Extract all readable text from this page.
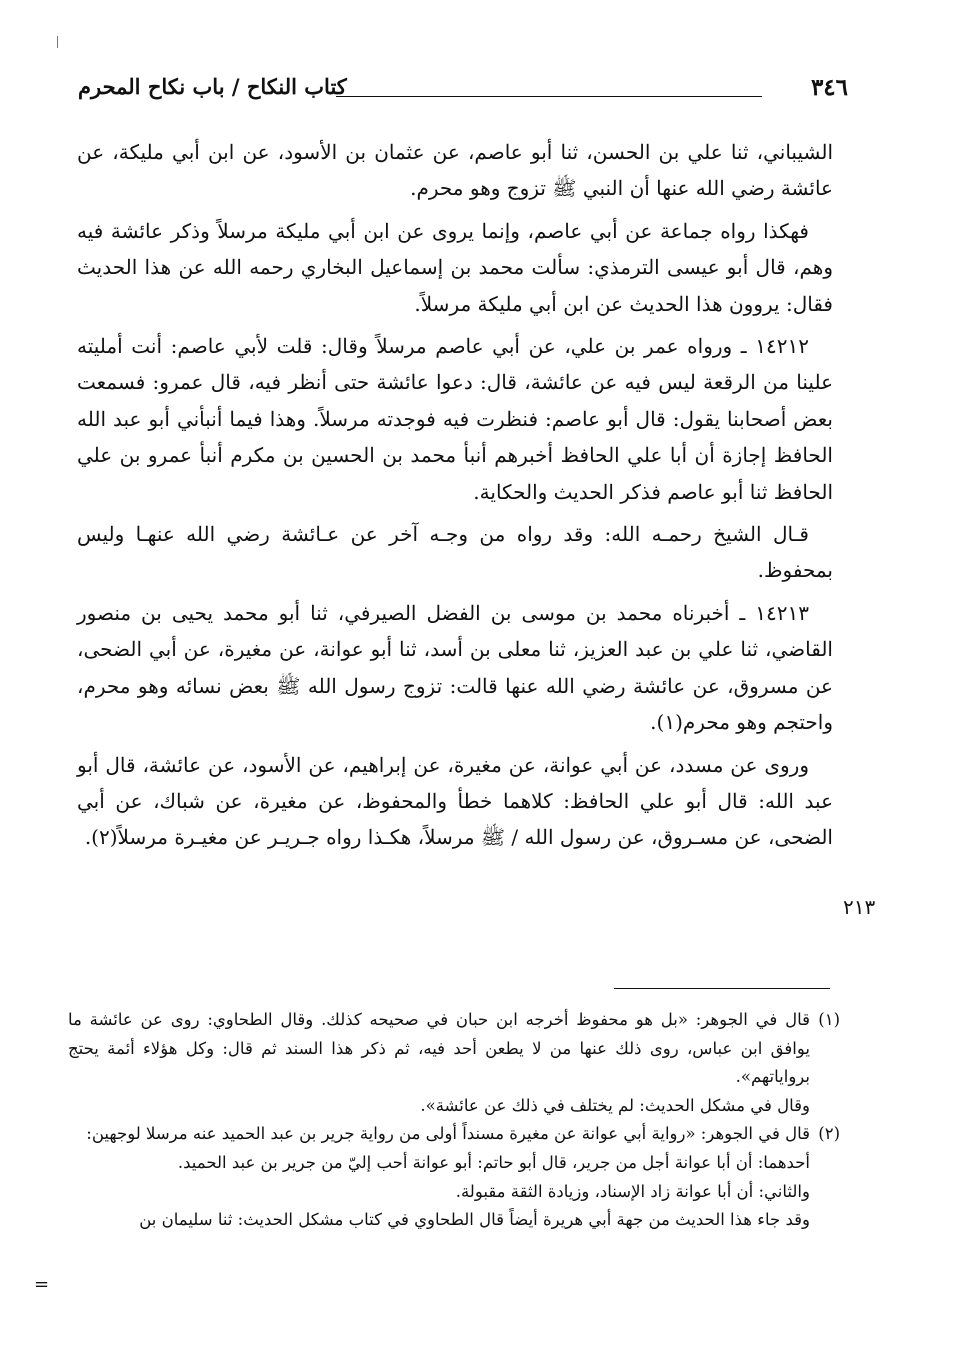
٣٤٦
كتاب النكاح / باب نكاح المحرم

الشيباني، ثنا علي بن الحسن، ثنا أبو عاصم، عن عثمان بن الأسود، عن ابن أبي مليكة، عن عائشة رضي الله عنها أن النبي ﷺ تزوج وهو محرم.

فهكذا رواه جماعة عن أبي عاصم، وإنما يروى عن ابن أبي مليكة مرسلاً وذكر عائشة فيه وهم، قال أبو عيسى الترمذي: سألت محمد بن إسماعيل البخاري رحمه الله عن هذا الحديث فقال: يروون هذا الحديث عن ابن أبي مليكة مرسلاً.

١٤٢١٢ ـ ورواه عمر بن علي، عن أبي عاصم مرسلاً وقال: قلت لأبي عاصم: أنت أمليته علينا من الرقعة ليس فيه عن عائشة، قال: دعوا عائشة حتى أنظر فيه، قال عمرو: فسمعت بعض أصحابنا يقول: قال أبو عاصم: فنظرت فيه فوجدته مرسلاً. وهذا فيما أنبأني أبو عبد الله الحافظ إجازة أن أبا علي الحافظ أخبرهم أنبأ محمد بن الحسين بن مكرم أنبأ عمرو بن علي الحافظ ثنا أبو عاصم فذكر الحديث والحكاية.

قـال الشيخ رحمـه الله: وقد رواه من وجـه آخر عن عـائشة رضي الله عنهـا وليس بمحفوظ.

١٤٢١٣ ـ أخبرناه محمد بن موسى بن الفضل الصيرفي، ثنا أبو محمد يحيى بن منصور القاضي، ثنا علي بن عبد العزيز، ثنا معلى بن أسد، ثنا أبو عوانة، عن مغيرة، عن أبي الضحى، عن مسروق، عن عائشة رضي الله عنها قالت: تزوج رسول الله ﷺ بعض نسائه وهو محرم، واحتجم وهو محرم(١).

وروى عن مسدد، عن أبي عوانة، عن مغيرة، عن إبراهيم، عن الأسود، عن عائشة، قال أبو عبد الله: قال أبو علي الحافظ: كلاهما خطأ والمحفوظ، عن مغيرة، عن شباك، عن أبي الضحى، عن مسـروق، عن رسول الله / ﷺ مرسلاً، هكـذا رواه جـريـر عن مغيـرة مرسلاً(٢).

٢١٣

(١)
قال في الجوهر: «بل هو محفوظ أخرجه ابن حبان في صحيحه كذلك. وقال الطحاوي: روى عن عائشة ما يوافق ابن عباس، روى ذلك عنها من لا يطعن أحد فيه، ثم ذكر هذا السند ثم قال: وكل هؤلاء أئمة يحتج برواياتهم».

وقال في مشكل الحديث: لم يختلف في ذلك عن عائشة».

(٢)
قال في الجوهر: «رواية أبي عوانة عن مغيرة مسنداً أولى من رواية جرير بن عبد الحميد عنه مرسلا لوجهين:

أحدهما: أن أبا عوانة أجل من جرير، قال أبو حاتم: أبو عوانة أحب إليّ من جرير بن عبد الحميد.

والثاني: أن أبا عوانة زاد الإسناد، وزيادة الثقة مقبولة.

وقد جاء هذا الحديث من جهة أبي هريرة أيضاً قال الطحاوي في كتاب مشكل الحديث: ثنا سليمان بن

=
